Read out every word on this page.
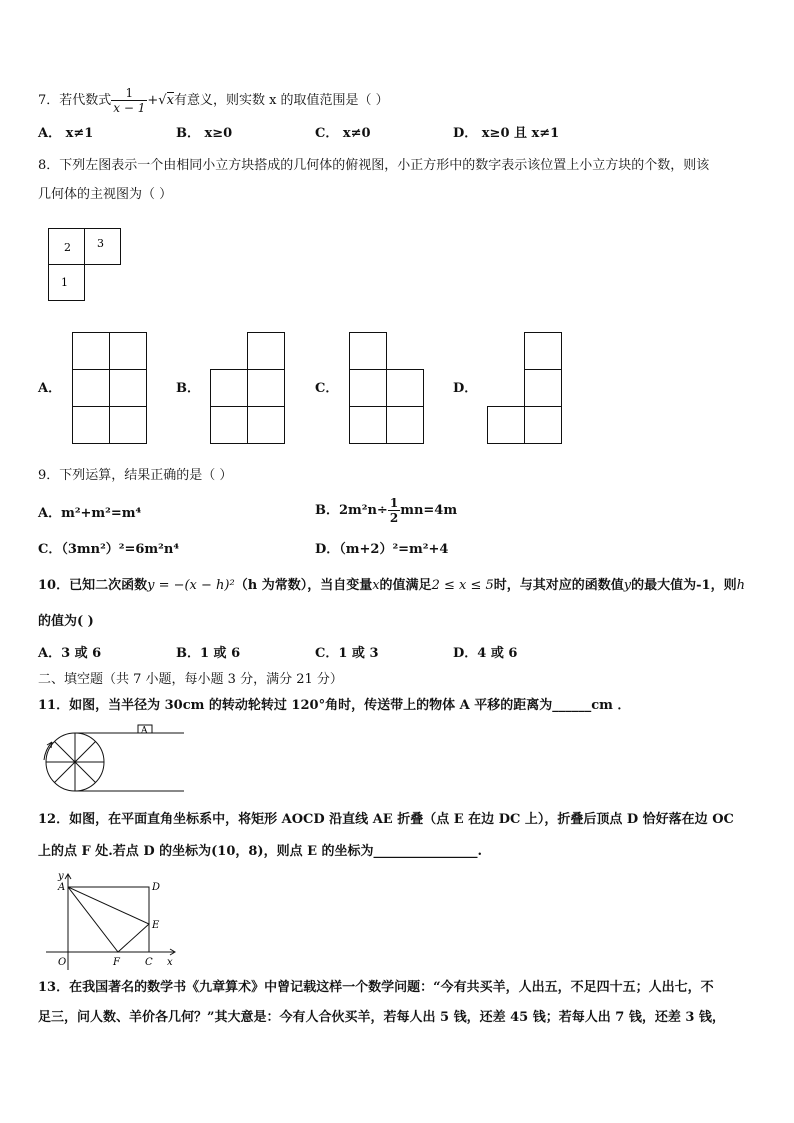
7．若代数式 $\frac{1}{x - 1} +√x$有意义，则实数 x 的取值范围是（ ）
A． x≠1	B． x≥0	C． x≠0	D． x≥0 且 x≠1
8．下列左图表示一个由相同小立方块搭成的几何体的俯视图，小正方形中的数字表示该位置上小立方块的个数，则该
几何体的主视图为（ ）
2 3
1
A．	B．	C．	D．
9．下列运算，结果正确的是（ ）
A．m²+m²=m⁴	B．$2m^2n\div \frac{1}{2} mn=4m$
C．（3mn²）²=6m²n⁴	D．（m+2）²=m²+4
10．已知二次函数y = −(x − h)²（h 为常数），当自变量x的值满足2 ≤ x ≤ 5时，与其对应的函数值y的最大值为-1，则h
的值为( )
A．3 或 6	B．1 或 6	C．1 或 3	D．4 或 6
二、填空题（共 7 小题，每小题 3 分，满分 21 分）
11．如图，当半径为 30cm 的转动轮转过 120°角时，传送带上的物体 A 平移的距离为______cm ．
A
12．如图，在平面直角坐标系中，将矩形 AOCD 沿直线 AE 折叠（点 E 在边 DC 上），折叠后顶点 D 恰好落在边 OC
上的点 F 处.若点 D 的坐标为(10，8)，则点 E 的坐标为________________.
y
x
A	D
E
O	F	C
13．在我国著名的数学书《九章算术》中曾记载这样一个数学问题：“今有共买羊，人出五，不足四十五；人出七，不
足三，问人数、羊价各几何？”其大意是：今有人合伙买羊，若每人出 5 钱，还差 45 钱；若每人出 7 钱，还差 3 钱，
